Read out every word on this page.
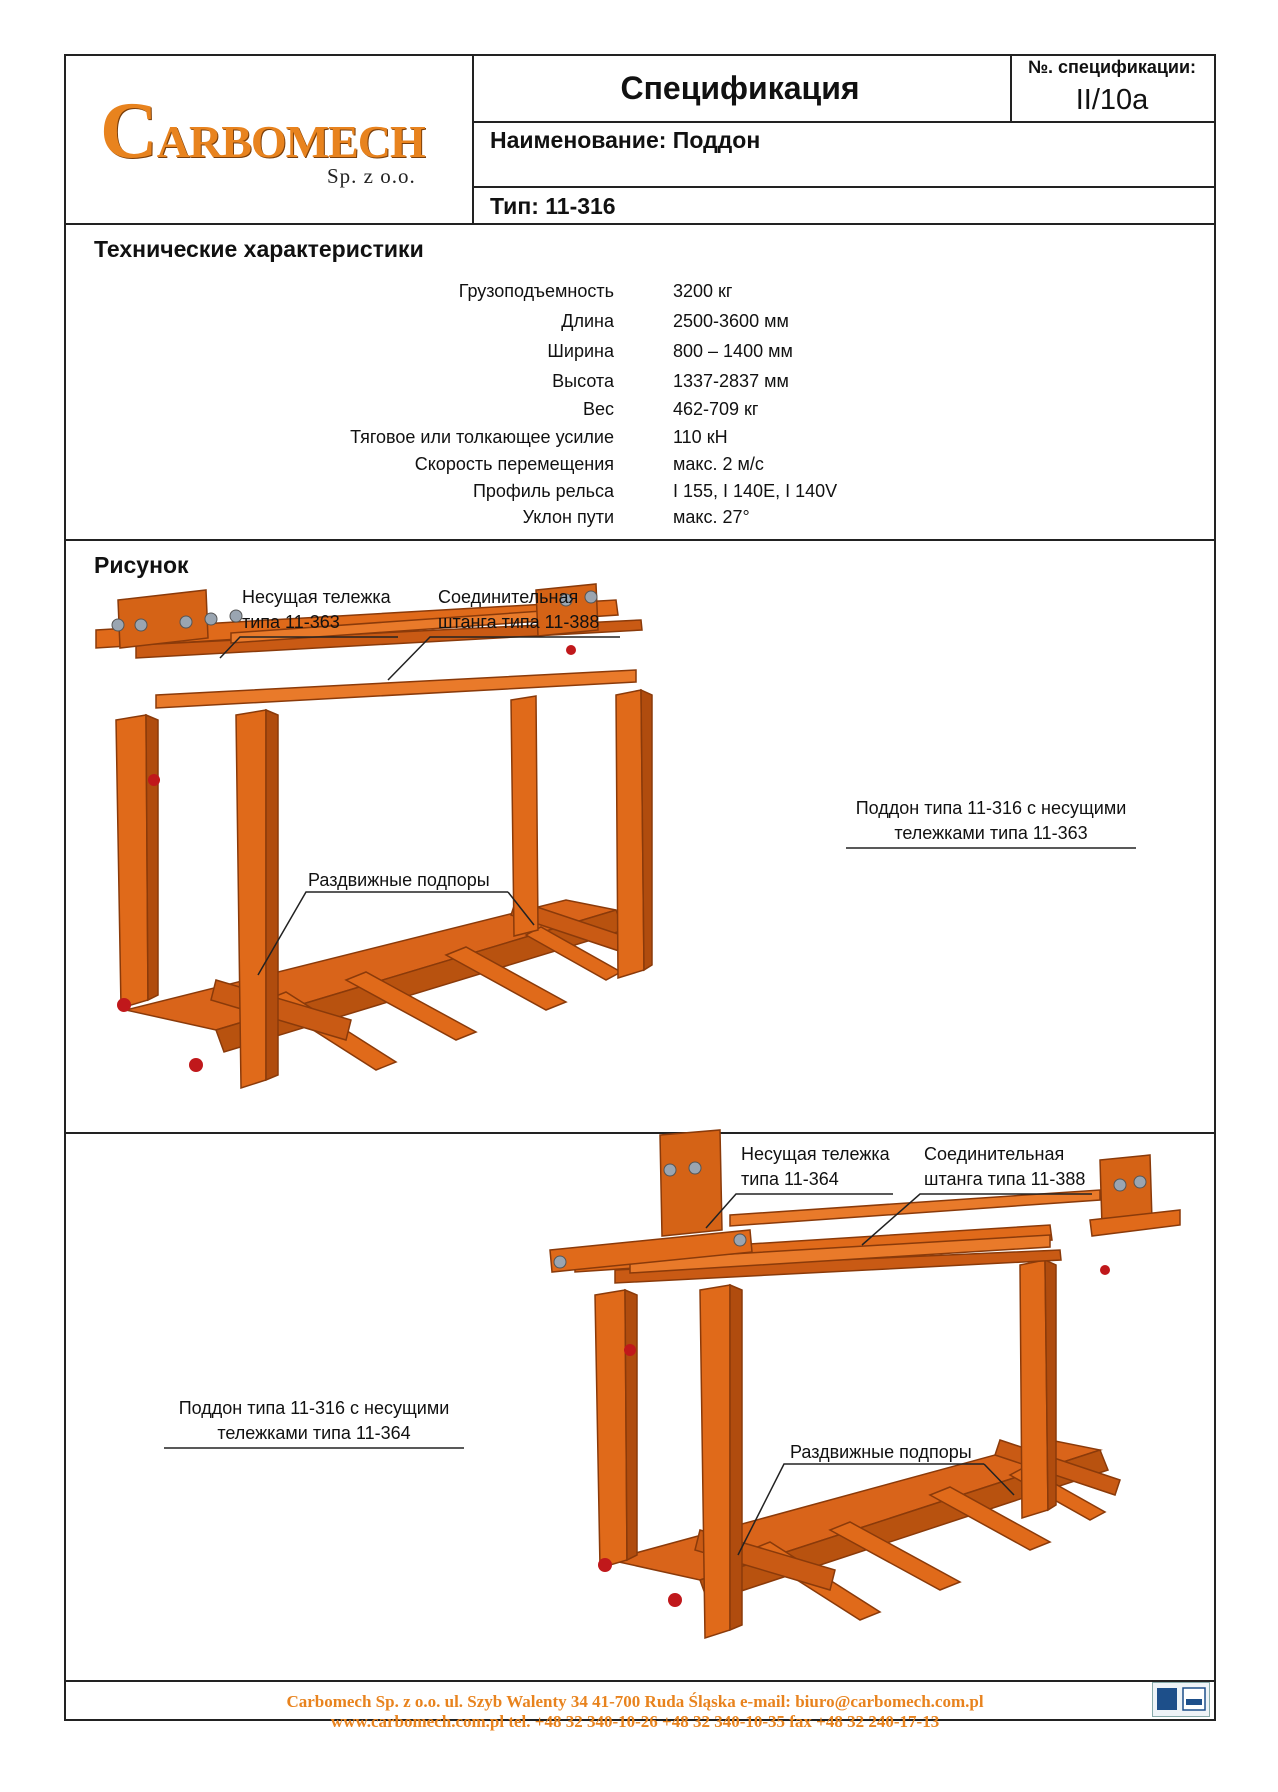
CARBOMECH
Sp. z o.o.
Спецификация
№. спецификации:
II/10a
Наименование: Поддон
Тип: 11-316
Технические характеристики
Грузоподъемность	3200 кг
Длина	2500-3600 мм
Ширина	800 – 1400 мм
Высота	1337-2837 мм
Вес	462-709 кг
Тяговое или толкающее усилие	110 кН
Скорость перемещения	макс. 2 м/с
Профиль рельса	I 155, I 140E, I 140V
Уклон пути	макс. 27°
Рисунок
Несущая тележка
типа 11-363
Соединительная
штанга типа 11-388
Раздвижные подпоры
Поддон типа 11-316 с несущими
тележками типа 11-363
Несущая тележка
типа 11-364
Соединительная
штанга типа 11-388
Раздвижные подпоры
Поддон типа 11-316 с несущими
тележками типа 11-364
Carbomech Sp. z o.o. ul. Szyb Walenty 34 41-700 Ruda Śląska e-mail: biuro@carbomech.com.pl
www.carbomech.com.pl tel. +48 32 340-10-26 +48 32 340-10-35 fax +48 32 240-17-13
